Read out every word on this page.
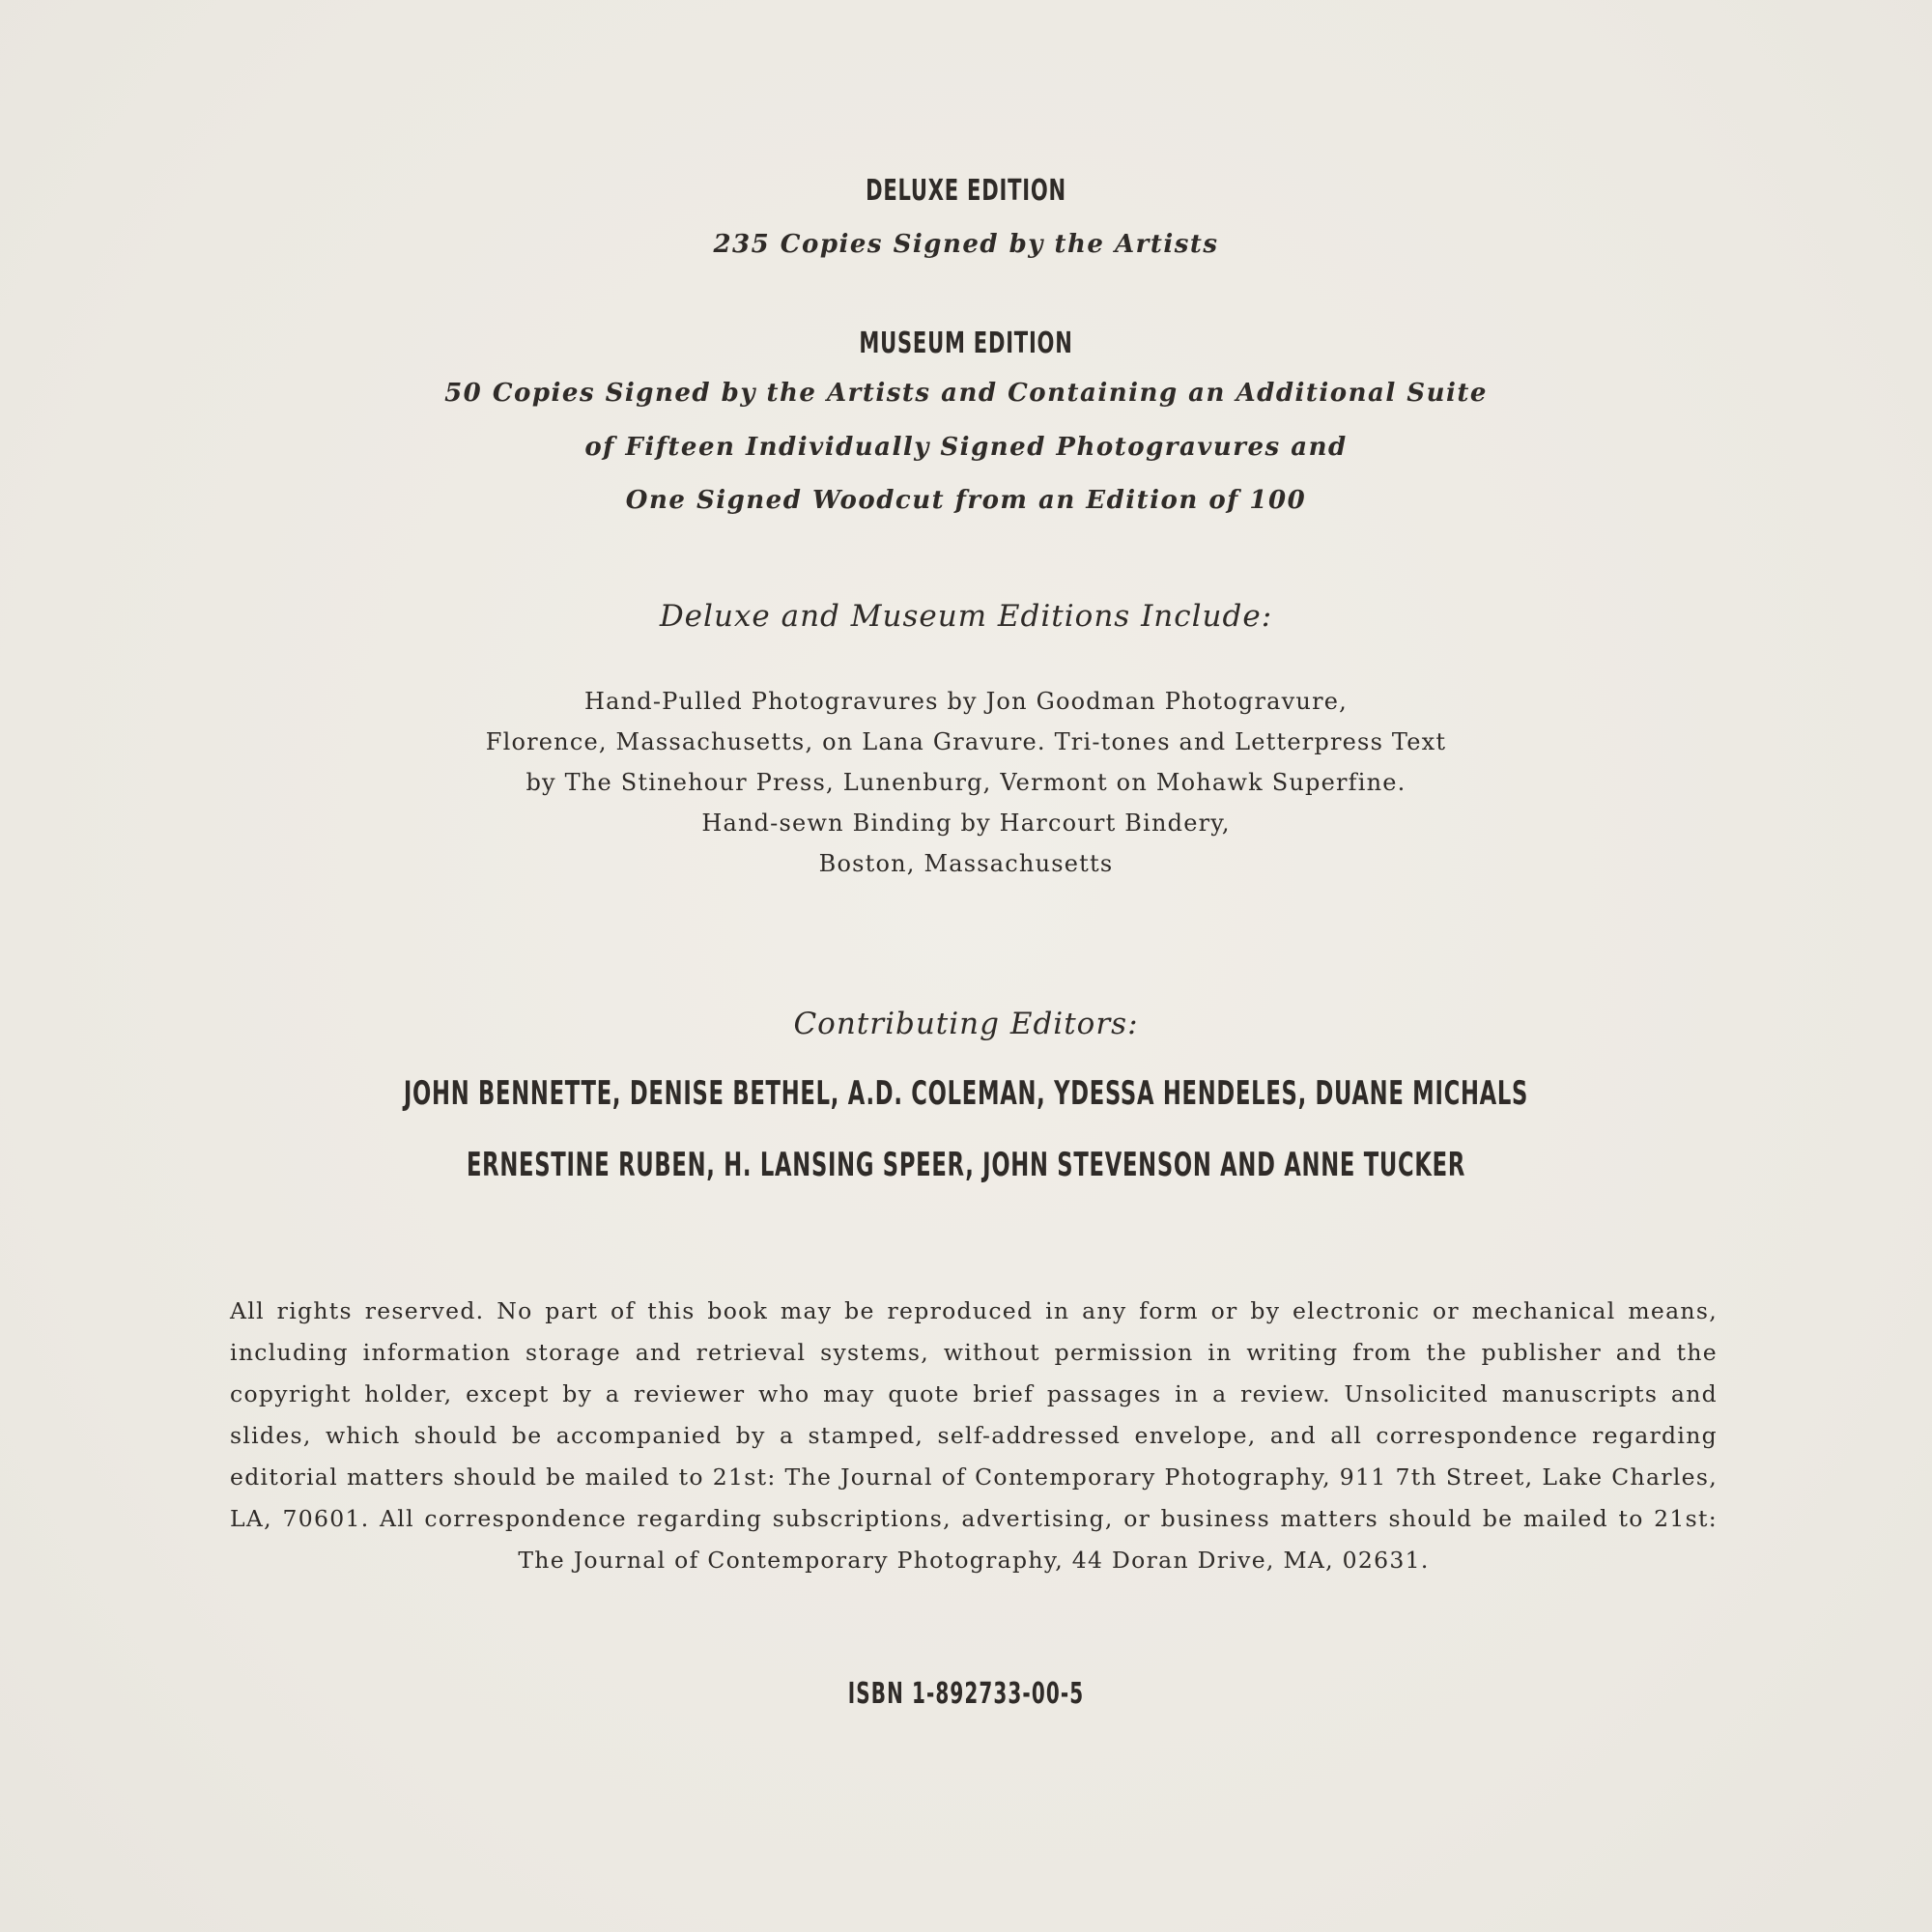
DELUXE EDITION
235 Copies Signed by the Artists
MUSEUM EDITION
50 Copies Signed by the Artists and Containing an Additional Suite
of Fifteen Individually Signed Photogravures and
One Signed Woodcut from an Edition of 100
Deluxe and Museum Editions Include:
Hand-Pulled Photogravures by Jon Goodman Photogravure,
Florence, Massachusetts, on Lana Gravure. Tri-tones and Letterpress Text
by The Stinehour Press, Lunenburg, Vermont on Mohawk Superfine.
Hand-sewn Binding by Harcourt Bindery,
Boston, Massachusetts
Contributing Editors:
JOHN BENNETTE, DENISE BETHEL, A.D. COLEMAN, YDESSA HENDELES, DUANE MICHALS
ERNESTINE RUBEN, H. LANSING SPEER, JOHN STEVENSON AND ANNE TUCKER
All rights reserved. No part of this book may be reproduced in any form or by electronic or mechanical means, including information storage and retrieval systems, without permission in writing from the publisher and the copyright holder, except by a reviewer who may quote brief passages in a review. Unsolicited manuscripts and slides, which should be accompanied by a stamped, self-addressed envelope, and all correspondence regarding editorial matters should be mailed to 21st: The Journal of Contemporary Photography, 911 7th Street, Lake Charles, LA, 70601. All correspondence regarding subscriptions, advertising, or business matters should be mailed to 21st: The Journal of Contemporary Photography, 44 Doran Drive, MA, 02631.
ISBN 1-892733-00-5
